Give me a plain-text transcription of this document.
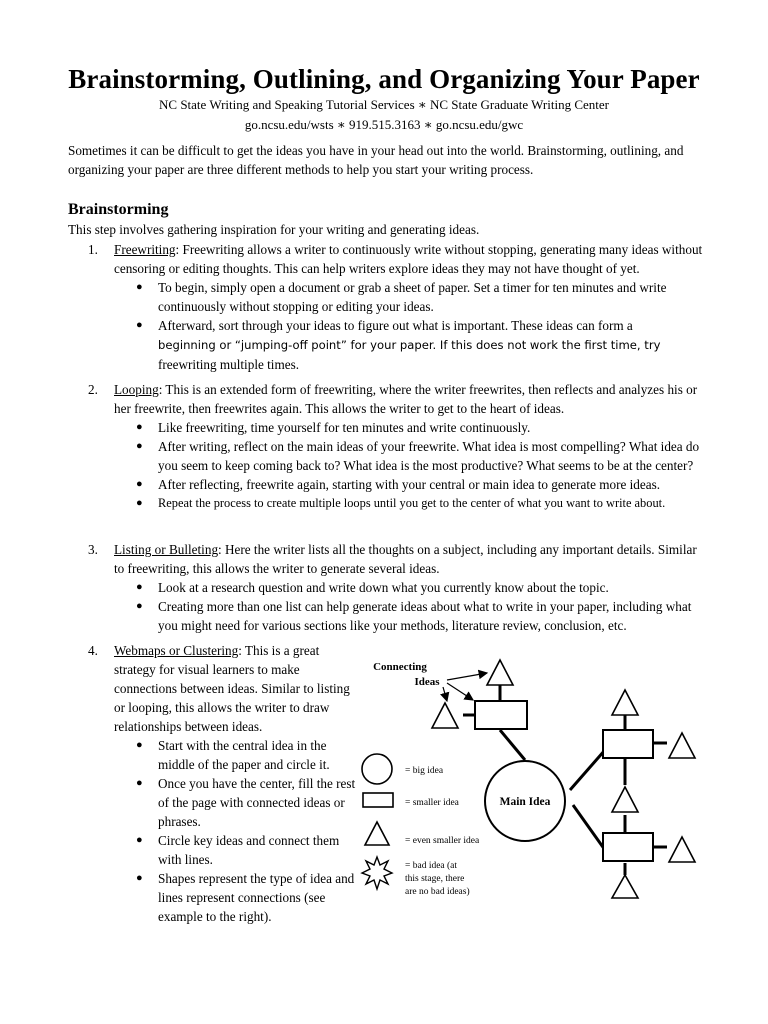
Brainstorming, Outlining, and Organizing Your Paper

NC State Writing and Speaking Tutorial Services ∗ NC State Graduate Writing Center

go.ncsu.edu/wsts ∗ 919.515.3163 ∗ go.ncsu.edu/gwc

Sometimes it can be difficult to get the ideas you have in your head out into the world. Brainstorming, outlining, and organizing your paper are three different methods to help you start your writing process.

Brainstorming

This step involves gathering inspiration for your writing and generating ideas.

1. Freewriting: Freewriting allows a writer to continuously write without stopping, generating many ideas without censoring or editing thoughts. This can help writers explore ideas they may not have thought of yet.
● To begin, simply open a document or grab a sheet of paper. Set a timer for ten minutes and write continuously without stopping or editing your ideas.
● Afterward, sort through your ideas to figure out what is important. These ideas can form a
beginning or “jumping-off point” for your paper. If this does not work the first time, try
freewriting multiple times.
2. Looping: This is an extended form of freewriting, where the writer freewrites, then reflects and analyzes his or her freewrite, then freewrites again. This allows the writer to get to the heart of ideas.
● Like freewriting, time yourself for ten minutes and write continuously.
● After writing, reflect on the main ideas of your freewrite. What idea is most compelling? What idea do you seem to keep coming back to? What idea is the most productive? What seems to be at the center?
● After reflecting, freewrite again, starting with your central or main idea to generate more ideas.
● Repeat the process to create multiple loops until you get to the center of what you want to write about.
3. Listing or Bulleting: Here the writer lists all the thoughts on a subject, including any important details. Similar to freewriting, this allows the writer to generate several ideas.
● Look at a research question and write down what you currently know about the topic.
● Creating more than one list can help generate ideas about what to write in your paper, including what you might need for various sections like your methods, literature review, conclusion, etc.
4. Webmaps or Clustering: This is a great strategy for visual learners to make connections between ideas. Similar to listing or looping, this allows the writer to draw relationships between ideas.
● Start with the central idea in the middle of the paper and circle it.
● Once you have the center, fill the rest of the page with connected ideas or phrases.
● Circle key ideas and connect them with lines.
● Shapes represent the type of idea and lines represent connections (see example to the right).
Connecting
Ideas
Main Idea
= big idea
= smaller idea
= even smaller idea
= bad idea (at
this stage, there
are no bad ideas)
